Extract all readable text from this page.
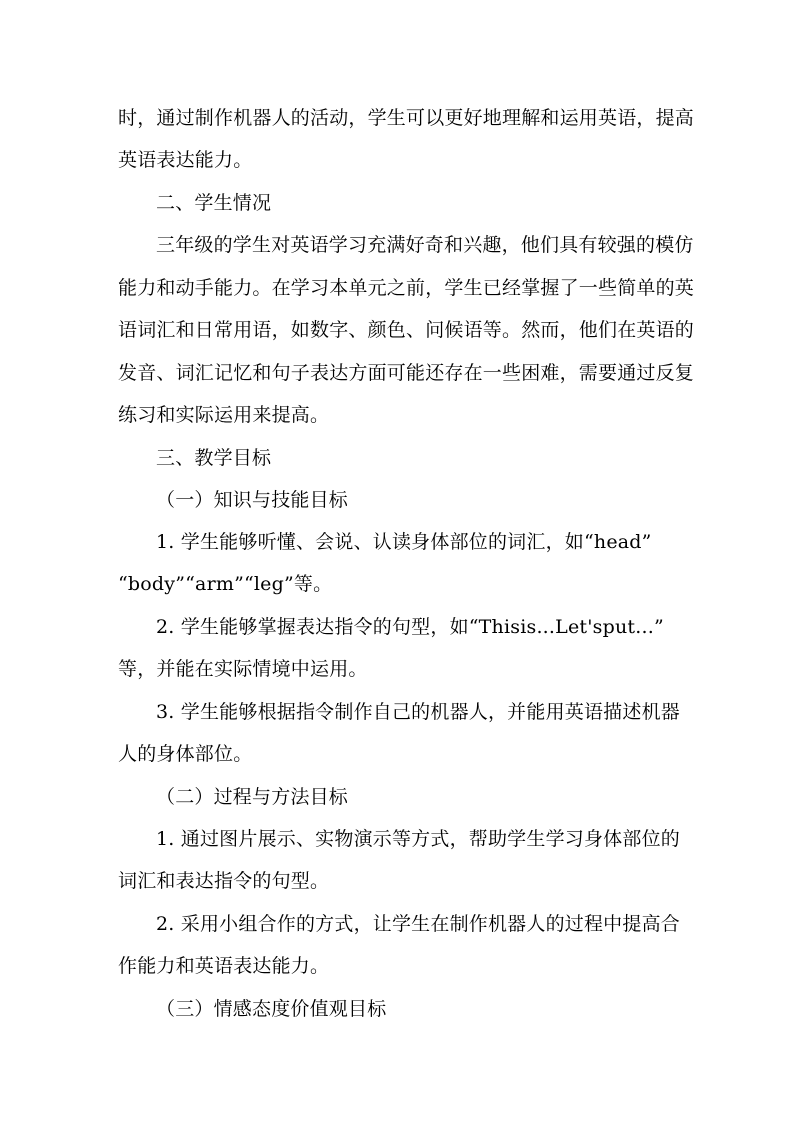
时，通过制作机器人的活动，学生可以更好地理解和运用英语，提高
英语表达能力。
二、学生情况
三年级的学生对英语学习充满好奇和兴趣，他们具有较强的模仿
能力和动手能力。在学习本单元之前，学生已经掌握了一些简单的英
语词汇和日常用语，如数字、颜色、问候语等。然而，他们在英语的
发音、词汇记忆和句子表达方面可能还存在一些困难，需要通过反复
练习和实际运用来提高。
三、教学目标
（一）知识与技能目标
1. 学生能够听懂、会说、认读身体部位的词汇，如“head”
“body”“arm”“leg”等。
2. 学生能够掌握表达指令的句型，如“Thisis...Let'sput...”
等，并能在实际情境中运用。
3. 学生能够根据指令制作自己的机器人，并能用英语描述机器
人的身体部位。
（二）过程与方法目标
1. 通过图片展示、实物演示等方式，帮助学生学习身体部位的
词汇和表达指令的句型。
2. 采用小组合作的方式，让学生在制作机器人的过程中提高合
作能力和英语表达能力。
（三）情感态度价值观目标
